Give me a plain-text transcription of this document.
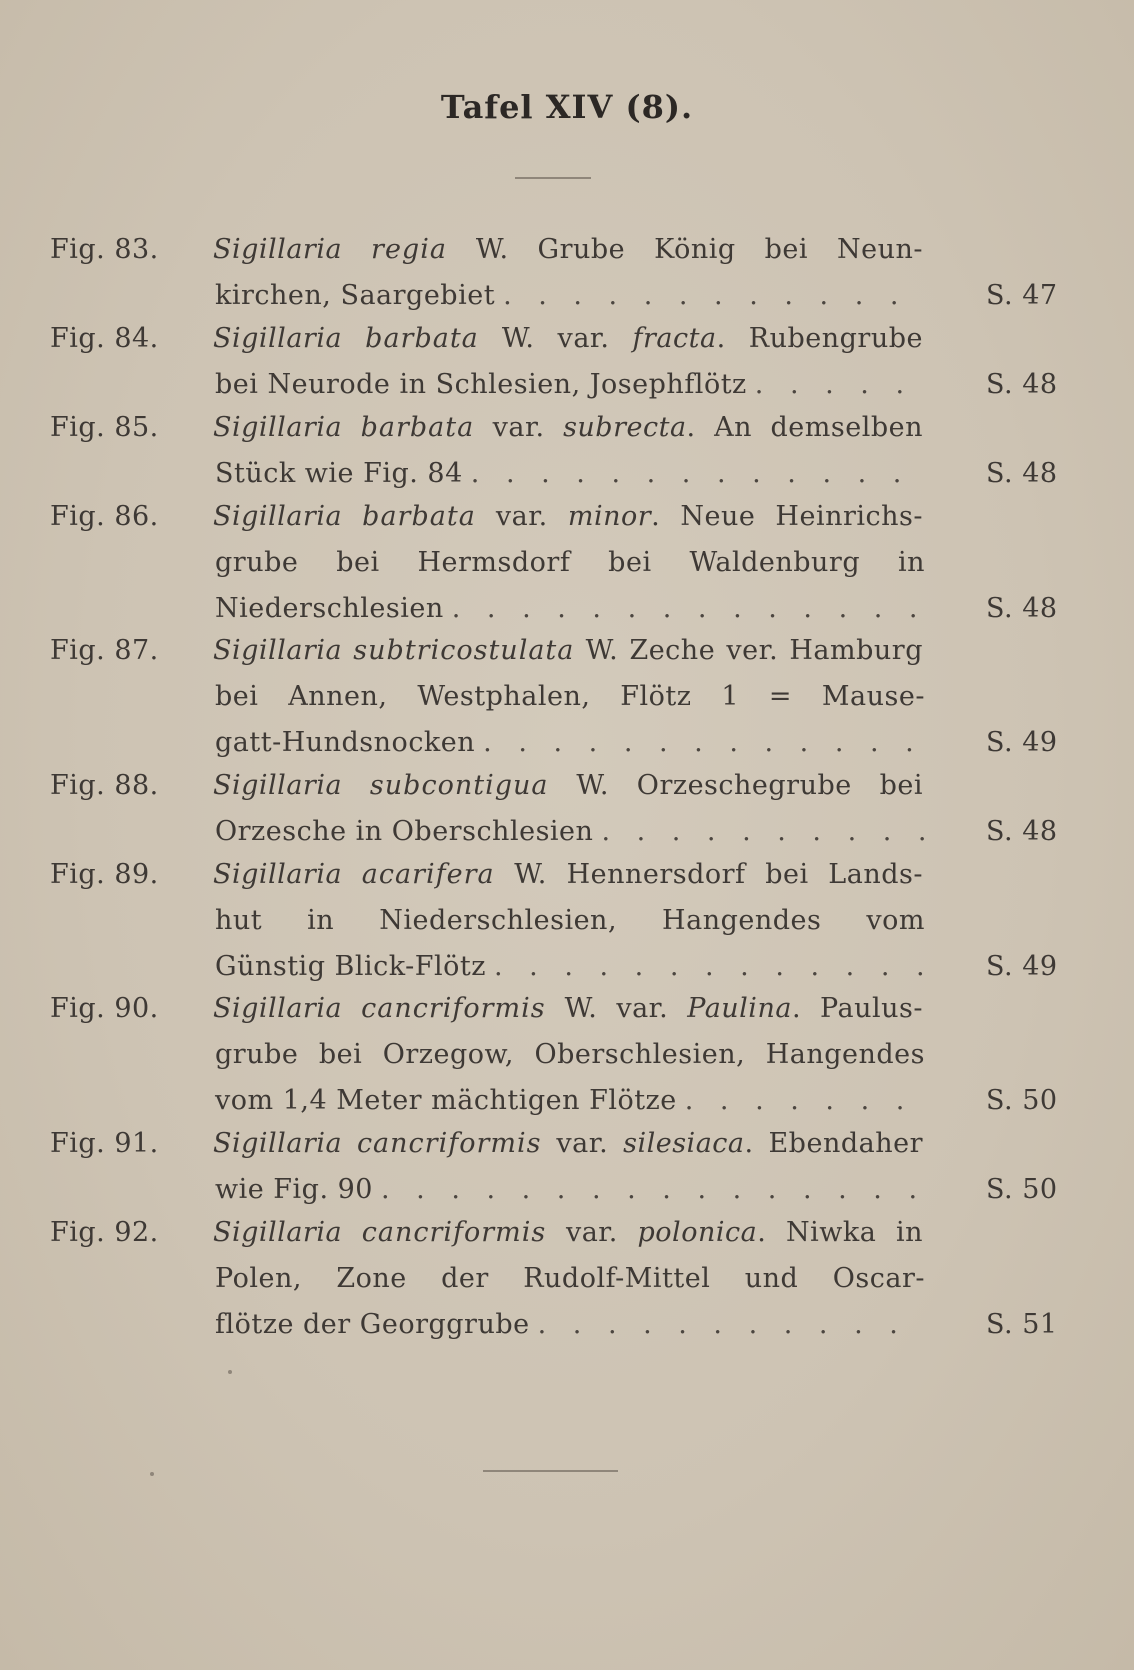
Tafel XIV (8).
Fig. 83. Sigillaria regia W. Grube König bei Neun-
kirchen, Saargebiet . . .	S. 47
Fig. 84. Sigillaria barbata W. var. fracta. Rubengrube
bei Neurode in Schlesien, Josephflötz . . .	S. 48
Fig. 85. Sigillaria barbata var. subrecta. An demselben
Stück wie Fig. 84 . . .	S. 48
Fig. 86. Sigillaria barbata var. minor. Neue Heinrichs-
grube bei Hermsdorf bei Waldenburg in
Niederschlesien . . .	S. 48
Fig. 87. Sigillaria subtricostulata W. Zeche ver. Hamburg
bei Annen, Westphalen, Flötz 1 = Mause-
gatt-Hundsnocken . . .	S. 49
Fig. 88. Sigillaria subcontigua W. Orzeschegrube bei
Orzesche in Oberschlesien . . .	S. 48
Fig. 89. Sigillaria acarifera W. Hennersdorf bei Lands-
hut in Niederschlesien, Hangendes vom
Günstig Blick-Flötz . . .	S. 49
Fig. 90. Sigillaria cancriformis W. var. Paulina. Paulus-
grube bei Orzegow, Oberschlesien, Hangendes
vom 1,4 Meter mächtigen Flötze . . .	S. 50
Fig. 91. Sigillaria cancriformis var. silesiaca. Ebendaher
wie Fig. 90 . . .	S. 50
Fig. 92. Sigillaria cancriformis var. polonica. Niwka in
Polen, Zone der Rudolf-Mittel und Oscar-
flötze der Georggrube . . .	S. 51
